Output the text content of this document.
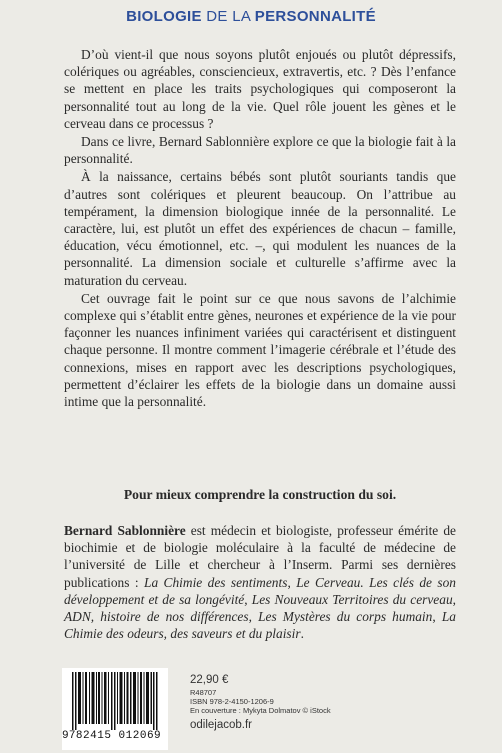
BIOLOGIE DE LA PERSONNALITÉ

D’où vient-il que nous soyons plutôt enjoués ou plutôt dépressifs, colériques ou agréables, consciencieux, extravertis, etc. ? Dès l’enfance se mettent en place les traits psychologiques qui composeront la personnalité tout au long de la vie. Quel rôle jouent les gènes et le cerveau dans ce processus ?

Dans ce livre, Bernard Sablonnière explore ce que la biologie fait à la personnalité.

À la naissance, certains bébés sont plutôt souriants tandis que d’autres sont colériques et pleurent beaucoup. On l’attribue au tempérament, la dimension biologique innée de la personnalité. Le caractère, lui, est plutôt un effet des expériences de chacun – famille, éducation, vécu émotionnel, etc. –, qui modulent les nuances de la personnalité. La dimension sociale et culturelle s’affirme avec la maturation du cerveau.

Cet ouvrage fait le point sur ce que nous savons de l’alchimie complexe qui s’établit entre gènes, neurones et expérience de la vie pour façonner les nuances infiniment variées qui caractérisent et distinguent chaque personne. Il montre comment l’imagerie cérébrale et l’étude des connexions, mises en rapport avec les descriptions psychologiques, permettent d’éclairer les effets de la biologie dans un domaine aussi intime que la personnalité.

Pour mieux comprendre la construction du soi.

Bernard Sablonnière est médecin et biologiste, professeur émérite de biochimie et de biologie moléculaire à la faculté de médecine de l’université de Lille et chercheur à l’Inserm. Parmi ses dernières publications : La Chimie des sentiments, Le Cerveau. Les clés de son développement et de sa longévité, Les Nouveaux Territoires du cerveau, ADN, histoire de nos différences, Les Mystères du corps humain, La Chimie des odeurs, des saveurs et du plaisir.

9 782415 012069
22,90 €
R48707
ISBN 978-2-4150-1206-9
En couverture : Mykyta Dolmatov © iStock
odilejacob.fr
